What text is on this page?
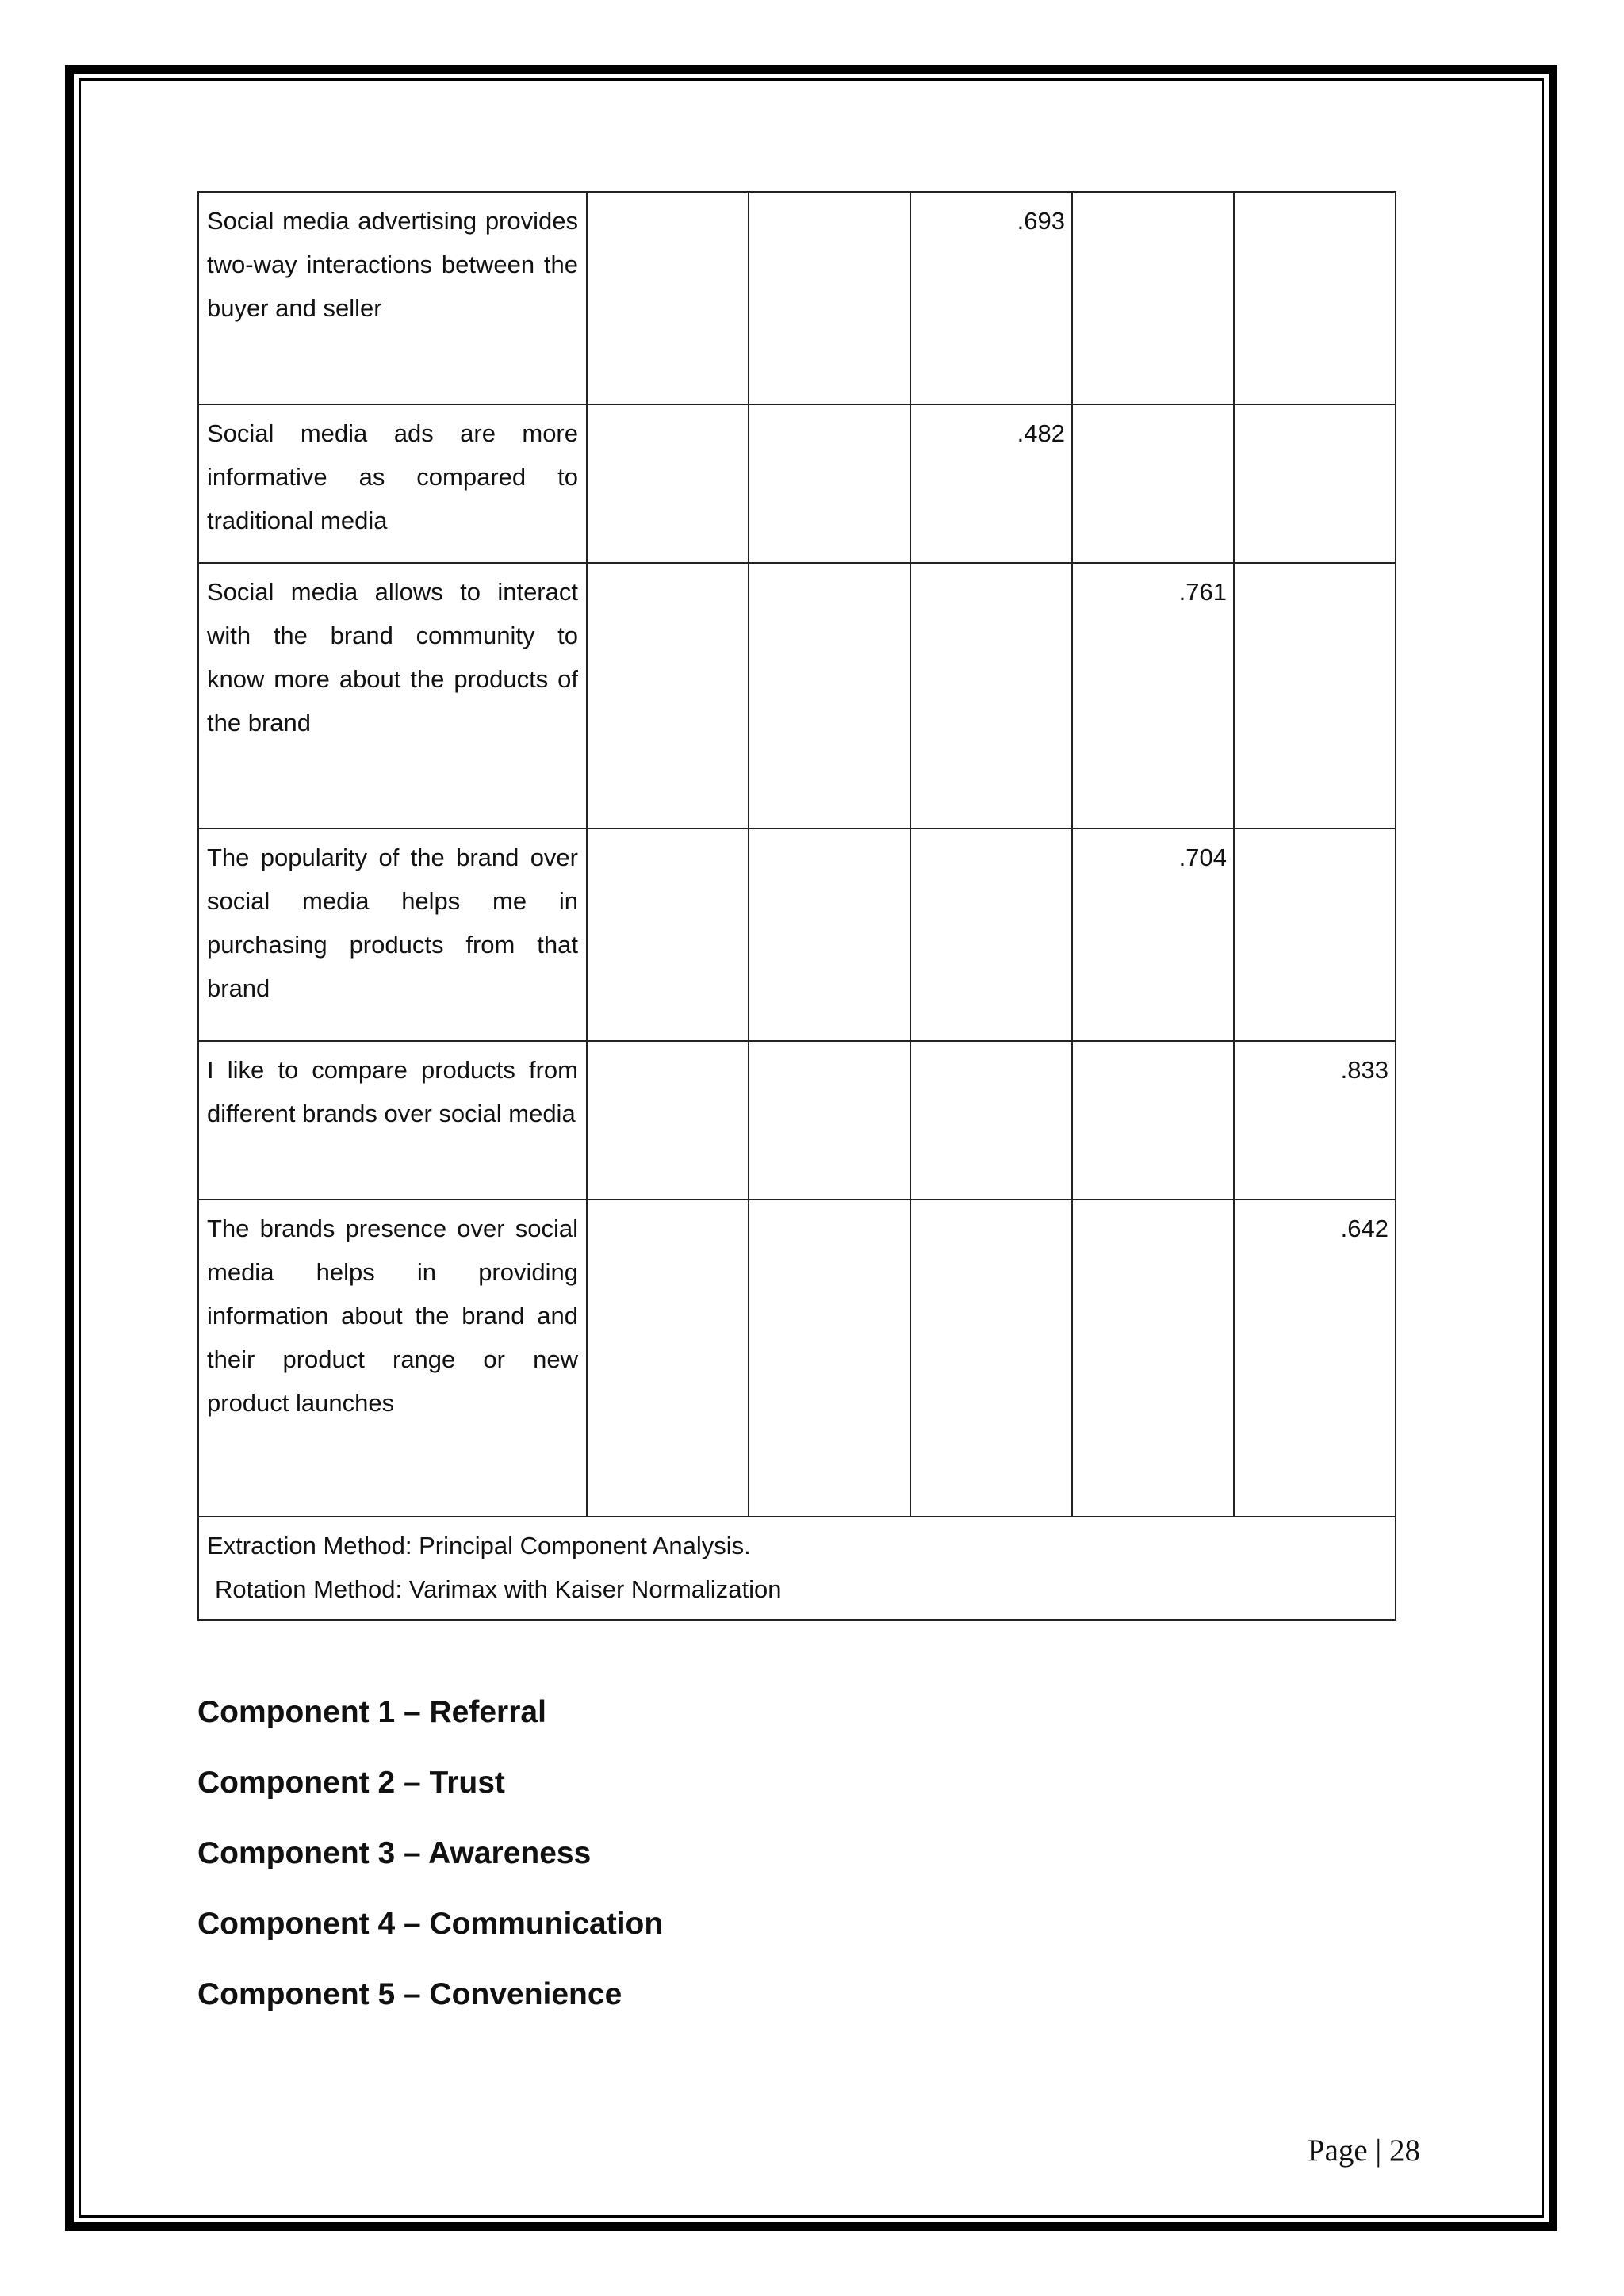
Social media advertising provides two-way interactions between the buyer and seller			.693		
Social media ads are more informative as compared to traditional media			.482		
Social media allows to interact with the brand community to know more about the products of the brand				.761	
The popularity of the brand over social media helps me in purchasing products from that brand				.704	
I like to compare products from different brands over social media					.833
The brands presence over social media helps in providing information about the brand and their product range or new product launches					.642

Extraction Method: Principal Component Analysis.
Rotation Method: Varimax with Kaiser Normalization					

Component 1 – Referral

Component 2 – Trust

Component 3 – Awareness

Component 4 – Communication

Component 5 – Convenience

Page | 28
